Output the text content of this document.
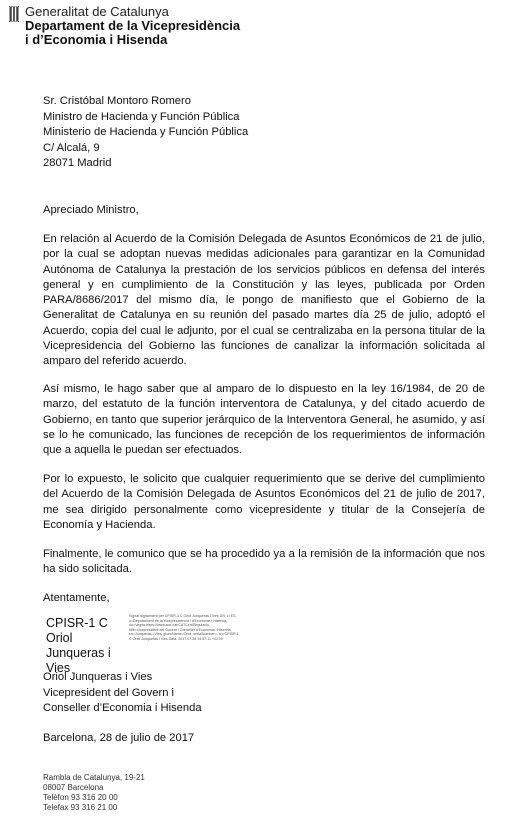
Generalitat de Catalunya
Departament de la Vicepresidència
i d’Economia i Hisenda
Sr. Cristóbal Montoro Romero
Ministro de Hacienda y Función Pública
Ministerio de Hacienda y Función Pública
C/ Alcalá, 9
28071 Madrid
Apreciado Ministro,

En relación al Acuerdo de la Comisión Delegada de Asuntos Económicos de 21 de julio, por la cual se adoptan nuevas medidas adicionales para garantizar en la Comunidad Autónoma de Catalunya la prestación de los servicios públicos en defensa del interés general y en cumplimiento de la Constitución y las leyes, publicada por Orden PARA/8686/2017 del mismo día, le pongo de manifiesto que el Gobierno de la Generalitat de Catalunya en su reunión del pasado martes día 25 de julio, adoptó el Acuerdo, copia del cual le adjunto, por el cual se centralizaba en la persona titular de la Vicepresidencia del Gobierno las funciones de canalizar la información solicitada al amparo del referido acuerdo.

Así mismo, le hago saber que al amparo de lo dispuesto en la ley 16/1984, de 20 de marzo, del estatuto de la función interventora de Catalunya, y del citado acuerdo de Gobierno, en tanto que superior jerárquico de la Interventora General, he asumido, y así se lo he comunicado, las funciones de recepción de los requerimientos de información que a aquella le puedan ser efectuados.

Por lo expuesto, le solicito que cualquier requerimiento que se derive del cumplimiento del Acuerdo de la Comisión Delegada de Asuntos Económicos del 21 de julio de 2017, me sea dirigido personalmente como vicepresidente y titular de la Consejería de Economía y Hacienda.

Finalmente, le comunico que se ha procedido ya a la remisión de la información que nos ha sido solicitada.

Atentamente,
CPISR-1 C Oriol
Junqueras i
Vies
Signat digitalment per CPISR-1 C Oriol Junqueras i Vies DN: c=ES, o=Departament de la Vicepresidència i d'Economia i Hisenda, ou=Vegeu https://www.aoc.cat/CATCert/Regulacio, title=Vicepresident del Govern i Conseller d'Economia i Hisenda, sn=Junqueras i Vies, givenName=Oriol, serialNumber=, cn=CPISR-1 C Oriol Junqueras i Vies Data: 2017.07.28 14:57:11 +02'00'
Oriol Junqueras i Vies
Vicepresident del Govern i
Conseller d’Economia i Hisenda
Barcelona, 28 de julio de 2017
Rambla de Catalunya, 19-21
08007 Barcelona
Telèfon 93 316 20 00
Telefax 93 316 21 00
